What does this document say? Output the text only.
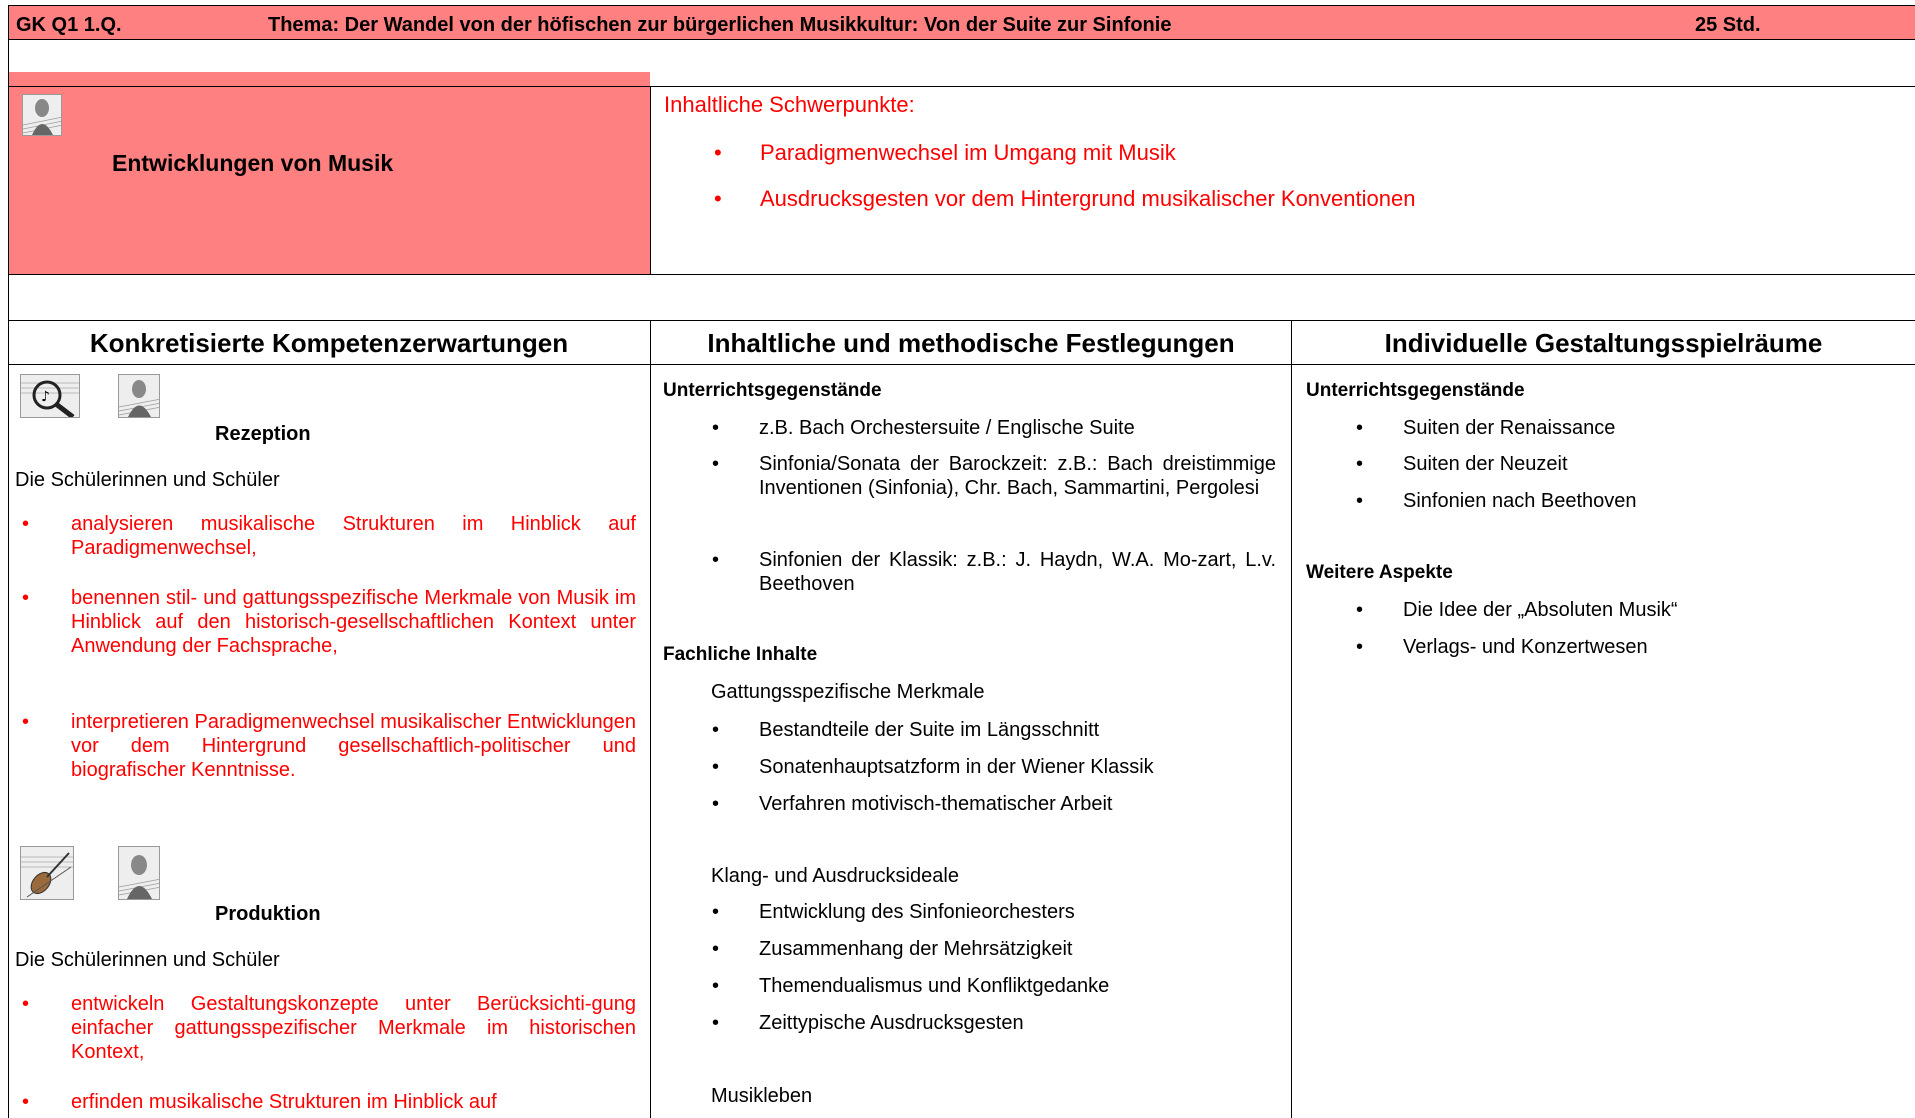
GK Q1 1.Q.	Thema: Der Wandel von der höfischen zur bürgerlichen Musikkultur: Von der Suite zur Sinfonie	25 Std.
Entwicklungen von Musik
Inhaltliche Schwerpunkte:
• Paradigmenwechsel im Umgang mit Musik
• Ausdrucksgesten vor dem Hintergrund musikalischer Konventionen
Konkretisierte Kompetenzerwartungen	Inhaltliche und methodische Festlegungen	Individuelle Gestaltungsspielräume
♪
Rezeption
Die Schülerinnen und Schüler
• analysieren musikalische Strukturen im Hinblick auf Paradigmenwechsel,
• benennen stil- und gattungsspezifische Merkmale von Musik im Hinblick auf den historisch-gesellschaftlichen Kontext unter Anwendung der Fachsprache,
• interpretieren Paradigmenwechsel musikalischer Entwicklungen vor dem Hintergrund gesellschaftlich-politischer und biografischer Kenntnisse.
Produktion
Die Schülerinnen und Schüler
• entwickeln Gestaltungskonzepte unter Berücksichti-gung einfacher gattungsspezifischer Merkmale im historischen Kontext,
• erfinden musikalische Strukturen im Hinblick auf
Unterrichtsgegenstände
• z.B. Bach Orchestersuite / Englische Suite
• Sinfonia/Sonata der Barockzeit: z.B.: Bach dreistimmige Inventionen (Sinfonia), Chr. Bach, Sammartini, Pergolesi
• Sinfonien der Klassik: z.B.: J. Haydn, W.A. Mo-zart, L.v. Beethoven
Fachliche Inhalte
Gattungsspezifische Merkmale
• Bestandteile der Suite im Längsschnitt
• Sonatenhauptsatzform in der Wiener Klassik
• Verfahren motivisch-thematischer Arbeit
Klang- und Ausdrucksideale
• Entwicklung des Sinfonieorchesters
• Zusammenhang der Mehrsätzigkeit
• Themendualismus und Konfliktgedanke
• Zeittypische Ausdrucksgesten
Musikleben
Unterrichtsgegenstände
• Suiten der Renaissance
• Suiten der Neuzeit
• Sinfonien nach Beethoven
Weitere Aspekte
• Die Idee der „Absoluten Musik“
• Verlags- und Konzertwesen
